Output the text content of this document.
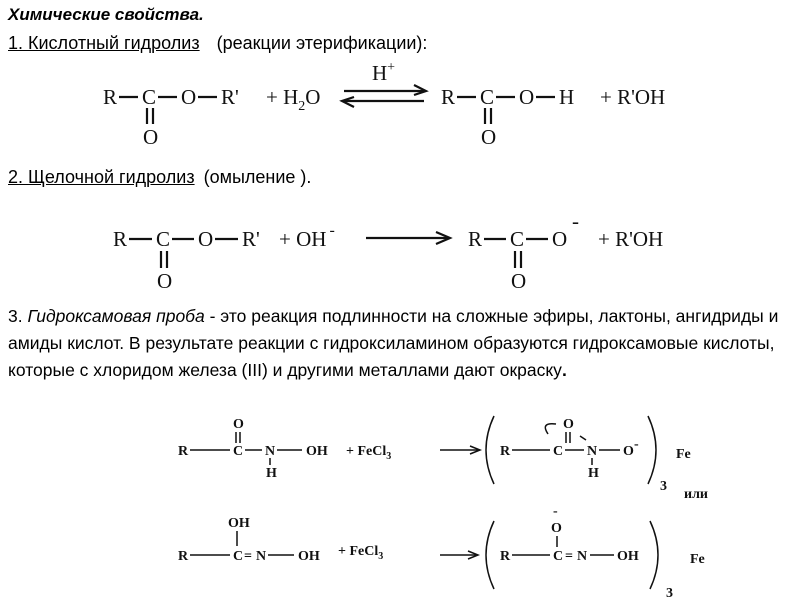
Химические свойства.
1. Кислотный гидролиз (реакции этерификации):
R C O R'
O
+ $H_2O$
H+
R C O H
O
+ R'OH
2. Щелочной гидролиз (омыление ).
R C O R'
O
+ OH -	R C O
-
O
+ R'OH
3. Гидроксамовая проба - это реакция подлинности на сложные эфиры, лактоны, ангидриды и амиды кислот. В результате реакции с гидроксиламином образуются гидроксамовые кислоты, которые с хлоридом железа (III) и другими металлами дают окраску.
R	C
O
N
H
OH + FeCl$_3$	R	C
O
N
H
O -
3
Fe
или
OH
R	C = N OH + FeCl$_3$
-
O
R	C = N OH
3
Fe
